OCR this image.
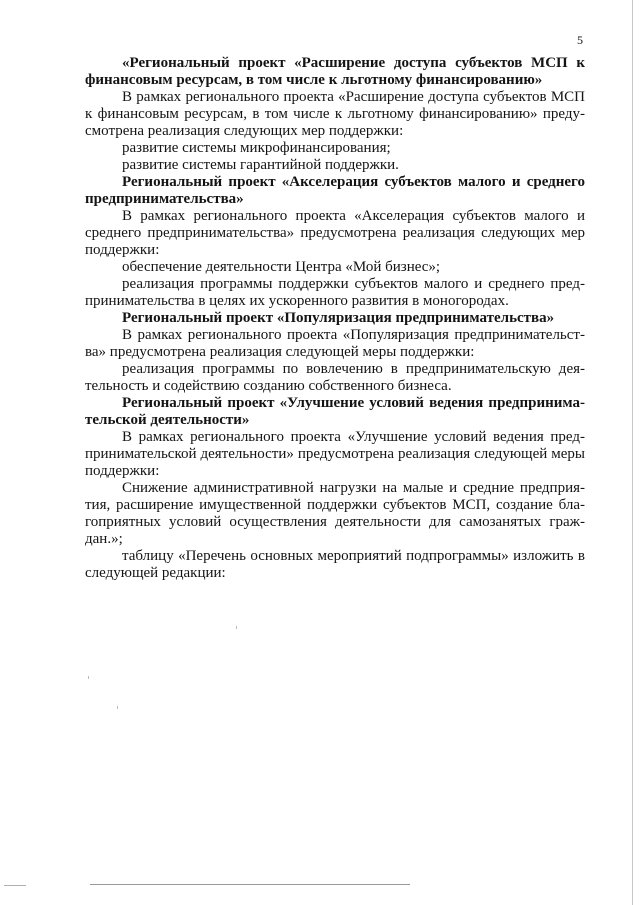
5

«Региональный проект «Расширение доступа субъектов МСП к финансовым ресурсам, в том числе к льготному финансированию»

В рамках регионального проекта «Расширение доступа субъектов МСП к финансовым ресурсам, в том числе к льготному финансированию» преду-смотрена реализация следующих мер поддержки:

развитие системы микрофинансирования;

развитие системы гарантийной поддержки.

Региональный проект «Акселерация субъектов малого и среднего предпринимательства»

В рамках регионального проекта «Акселерация субъектов малого и среднего предпринимательства» предусмотрена реализация следующих мер поддержки:

обеспечение деятельности Центра «Мой бизнес»;

реализация программы поддержки субъектов малого и среднего пред-принимательства в целях их ускоренного развития в моногородах.

Региональный проект «Популяризация предпринимательства»

В рамках регионального проекта «Популяризация предпринимательст-ва» предусмотрена реализация следующей меры поддержки:

реализация программы по вовлечению в предпринимательскую дея-тельность и содействию созданию собственного бизнеса.

Региональный проект «Улучшение условий ведения предпринима-тельской деятельности»

В рамках регионального проекта «Улучшение условий ведения пред-принимательской деятельности» предусмотрена реализация следующей меры поддержки:

Снижение административной нагрузки на малые и средние предприя-тия, расширение имущественной поддержки субъектов МСП, создание бла-гоприятных условий осуществления деятельности для самозанятых граж-дан.»;

таблицу «Перечень основных мероприятий подпрограммы» изложить в следующей редакции:
